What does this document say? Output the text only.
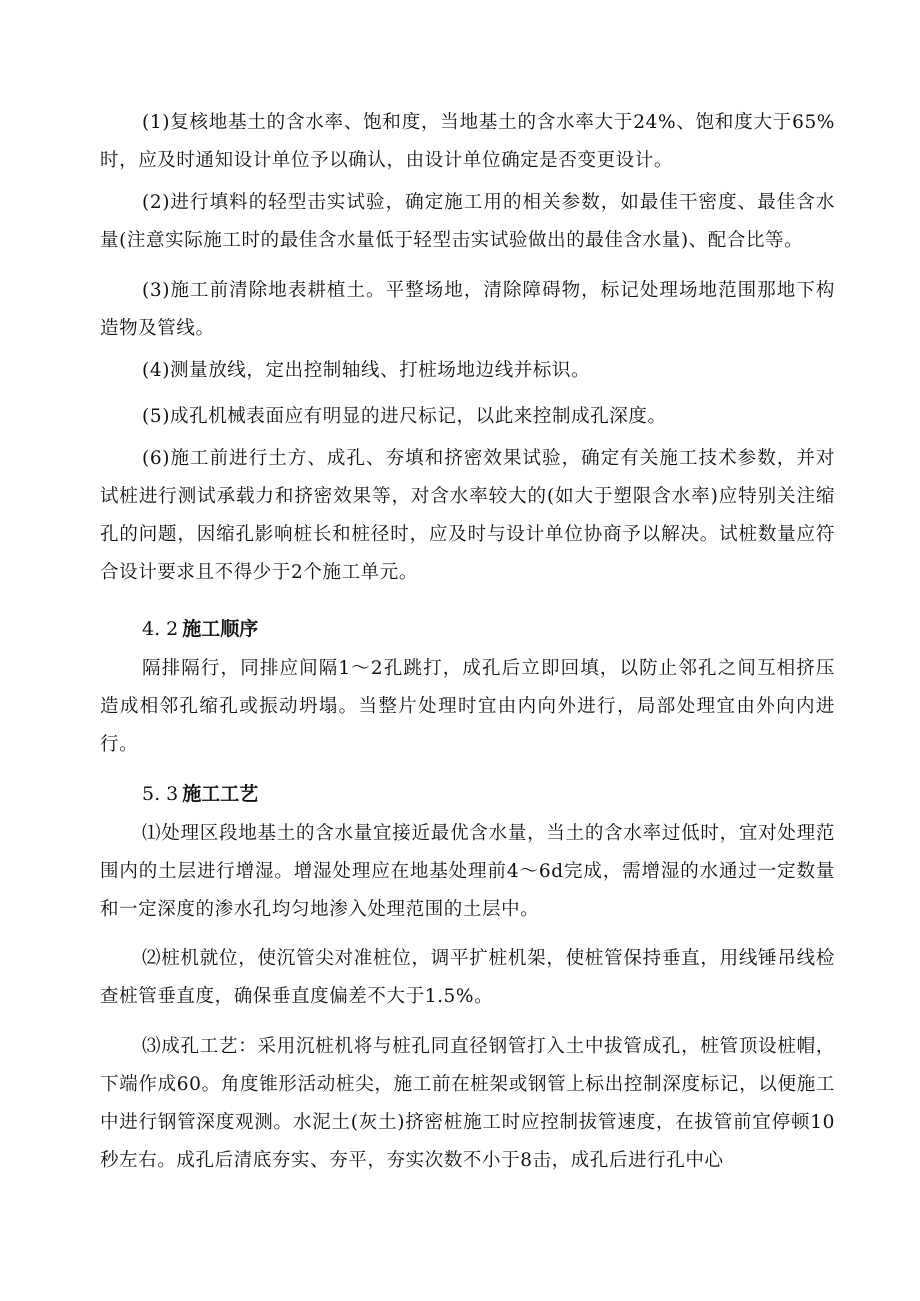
(1)复核地基土的含水率、饱和度，当地基土的含水率大于24%、饱和度大于65%时，应及时通知设计单位予以确认，由设计单位确定是否变更设计。

(2)进行填料的轻型击实试验，确定施工用的相关参数，如最佳干密度、最佳含水量(注意实际施工时的最佳含水量低于轻型击实试验做出的最佳含水量)、配合比等。

(3)施工前清除地表耕植土。平整场地，清除障碍物，标记处理场地范围那地下构造物及管线。

(4)测量放线，定出控制轴线、打桩场地边线并标识。

(5)成孔机械表面应有明显的进尺标记，以此来控制成孔深度。

(6)施工前进行土方、成孔、夯填和挤密效果试验，确定有关施工技术参数，并对试桩进行测试承载力和挤密效果等，对含水率较大的(如大于塑限含水率)应特别关注缩孔的问题，因缩孔影响桩长和桩径时，应及时与设计单位协商予以解决。试桩数量应符合设计要求且不得少于2个施工单元。

4. 2 施工顺序

隔排隔行，同排应间隔1～2孔跳打，成孔后立即回填，以防止邻孔之间互相挤压造成相邻孔缩孔或振动坍塌。当整片处理时宜由内向外进行，局部处理宜由外向内进行。

5. 3 施工工艺

⑴处理区段地基土的含水量宜接近最优含水量，当土的含水率过低时，宜对处理范围内的土层进行增湿。增湿处理应在地基处理前4～6d完成，需增湿的水通过一定数量和一定深度的渗水孔均匀地渗入处理范围的土层中。

⑵桩机就位，使沉管尖对准桩位，调平扩桩机架，使桩管保持垂直，用线锤吊线检查桩管垂直度，确保垂直度偏差不大于1.5%。

⑶成孔工艺：采用沉桩机将与桩孔同直径钢管打入土中拔管成孔，桩管顶设桩帽，下端作成60。角度锥形活动桩尖，施工前在桩架或钢管上标出控制深度标记，以便施工中进行钢管深度观测。水泥土(灰土)挤密桩施工时应控制拔管速度，在拔管前宜停顿10秒左右。成孔后清底夯实、夯平，夯实次数不小于8击，成孔后进行孔中心
